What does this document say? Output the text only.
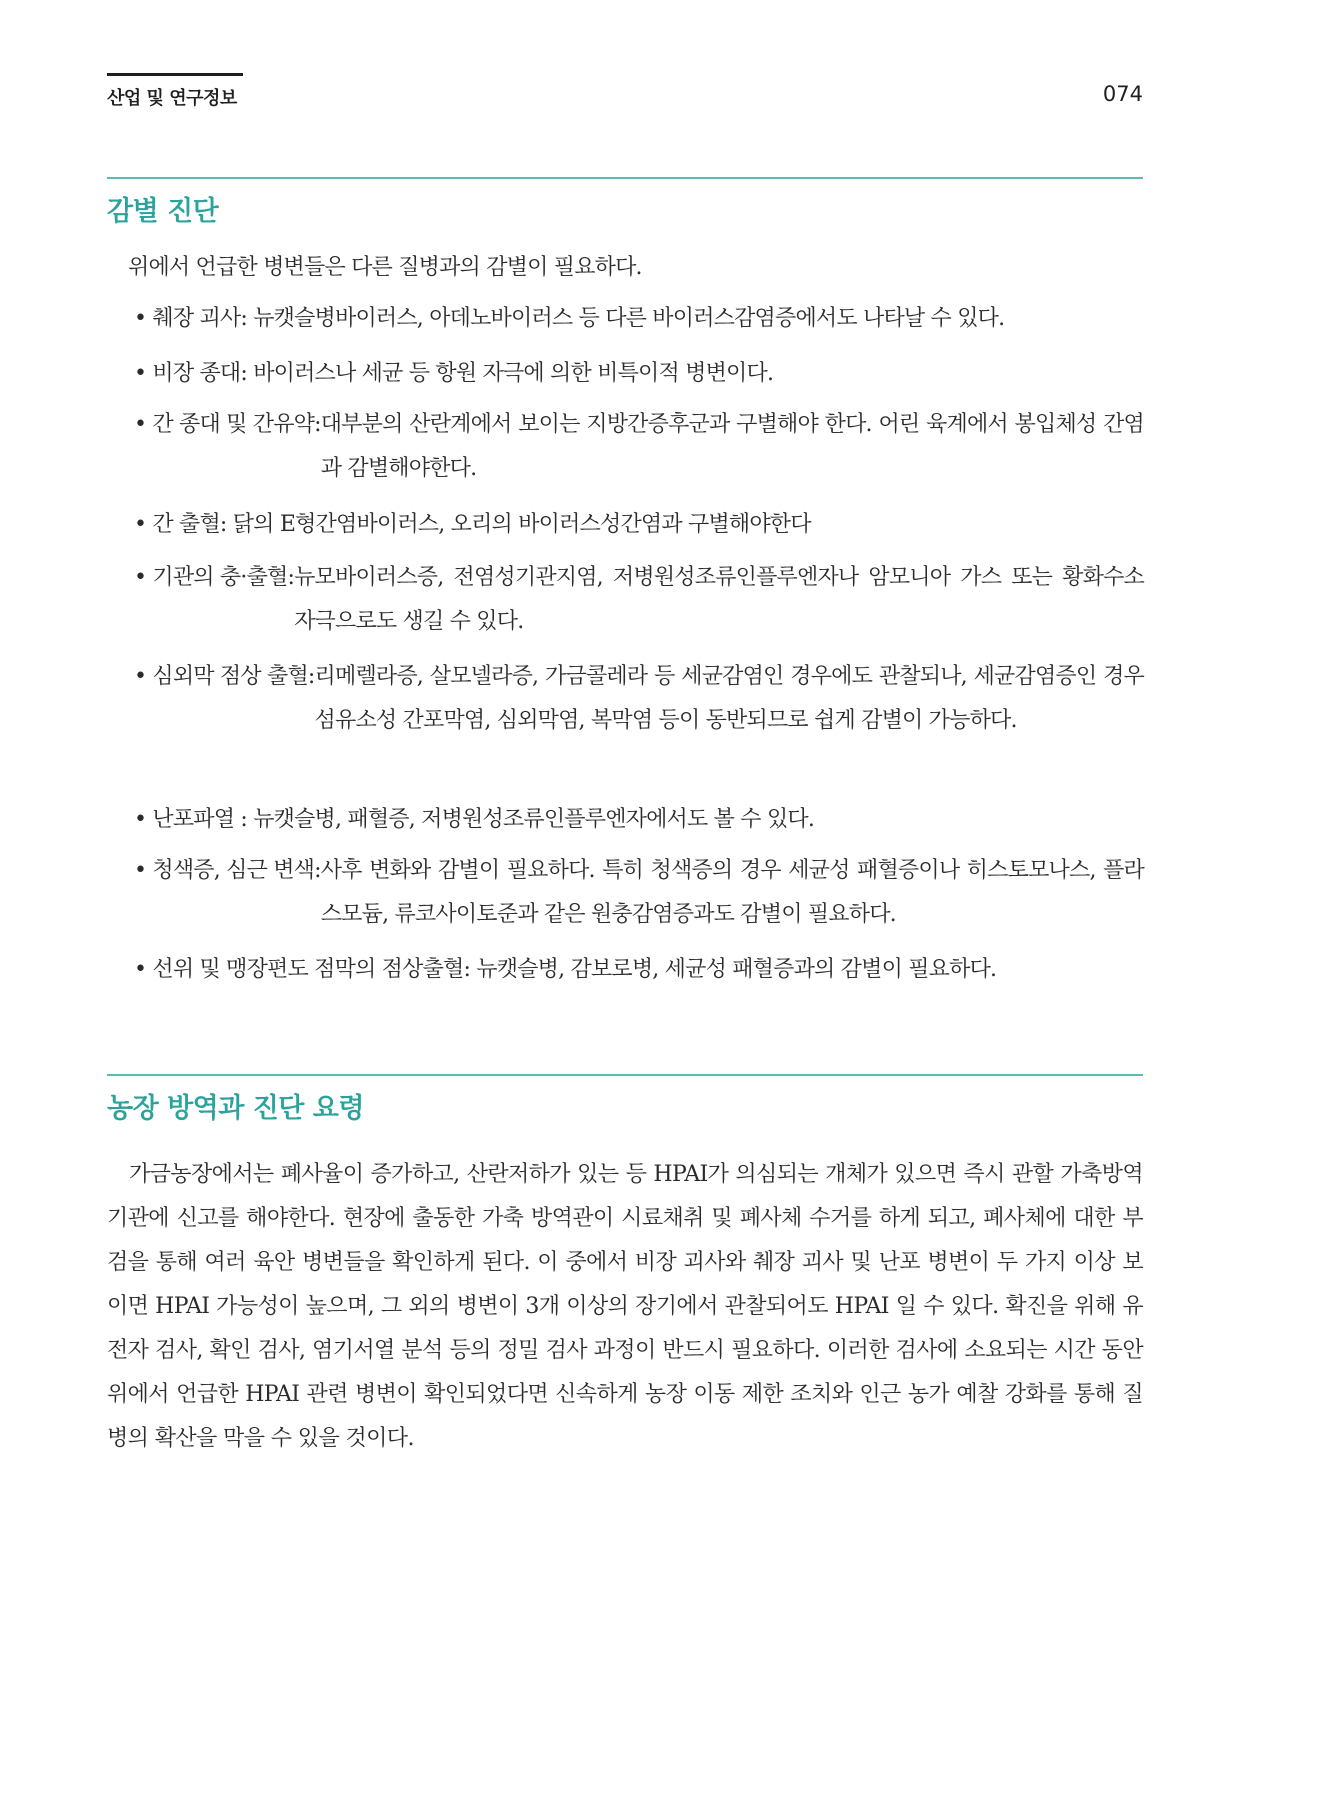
산업 및 연구정보	074
감별 진단
위에서 언급한 병변들은 다른 질병과의 감별이 필요하다.
• 췌장 괴사: 뉴캣슬병바이러스, 아데노바이러스 등 다른 바이러스감염증에서도 나타날 수 있다.
• 비장 종대: 바이러스나 세균 등 항원 자극에 의한 비특이적 병변이다.
• 간 종대 및 간유약: 대부분의 산란계에서 보이는 지방간증후군과 구별해야 한다. 어린 육계에서 봉입체성 간염과 감별해야한다.
• 간 출혈: 닭의 E형간염바이러스, 오리의 바이러스성간염과 구별해야한다
• 기관의 충·출혈: 뉴모바이러스증, 전염성기관지염, 저병원성조류인플루엔자나 암모니아 가스 또는 황화수소 자극으로도 생길 수 있다.
• 심외막 점상 출혈: 리메렐라증, 살모넬라증, 가금콜레라 등 세균감염인 경우에도 관찰되나, 세균감염증인 경우 섬유소성 간포막염, 심외막염, 복막염 등이 동반되므로 쉽게 감별이 가능하다.
• 난포파열 : 뉴캣슬병, 패혈증, 저병원성조류인플루엔자에서도 볼 수 있다.
• 청색증, 심근 변색: 사후 변화와 감별이 필요하다. 특히 청색증의 경우 세균성 패혈증이나 히스토모나스, 플라스모듐, 류코사이토준과 같은 원충감염증과도 감별이 필요하다.
• 선위 및 맹장편도 점막의 점상출혈: 뉴캣슬병, 감보로병, 세균성 패혈증과의 감별이 필요하다.
농장 방역과 진단 요령
가금농장에서는 폐사율이 증가하고, 산란저하가 있는 등 HPAI가 의심되는 개체가 있으면 즉시 관할 가축방역기관에 신고를 해야한다. 현장에 출동한 가축 방역관이 시료채취 및 폐사체 수거를 하게 되고, 폐사체에 대한 부검을 통해 여러 육안 병변들을 확인하게 된다. 이 중에서 비장 괴사와 췌장 괴사 및 난포 병변이 두 가지 이상 보이면 HPAI 가능성이 높으며, 그 외의 병변이 3개 이상의 장기에서 관찰되어도 HPAI 일 수 있다. 확진을 위해 유전자 검사, 확인 검사, 염기서열 분석 등의 정밀 검사 과정이 반드시 필요하다. 이러한 검사에 소요되는 시간 동안 위에서 언급한 HPAI 관련 병변이 확인되었다면 신속하게 농장 이동 제한 조치와 인근 농가 예찰 강화를 통해 질병의 확산을 막을 수 있을 것이다.
